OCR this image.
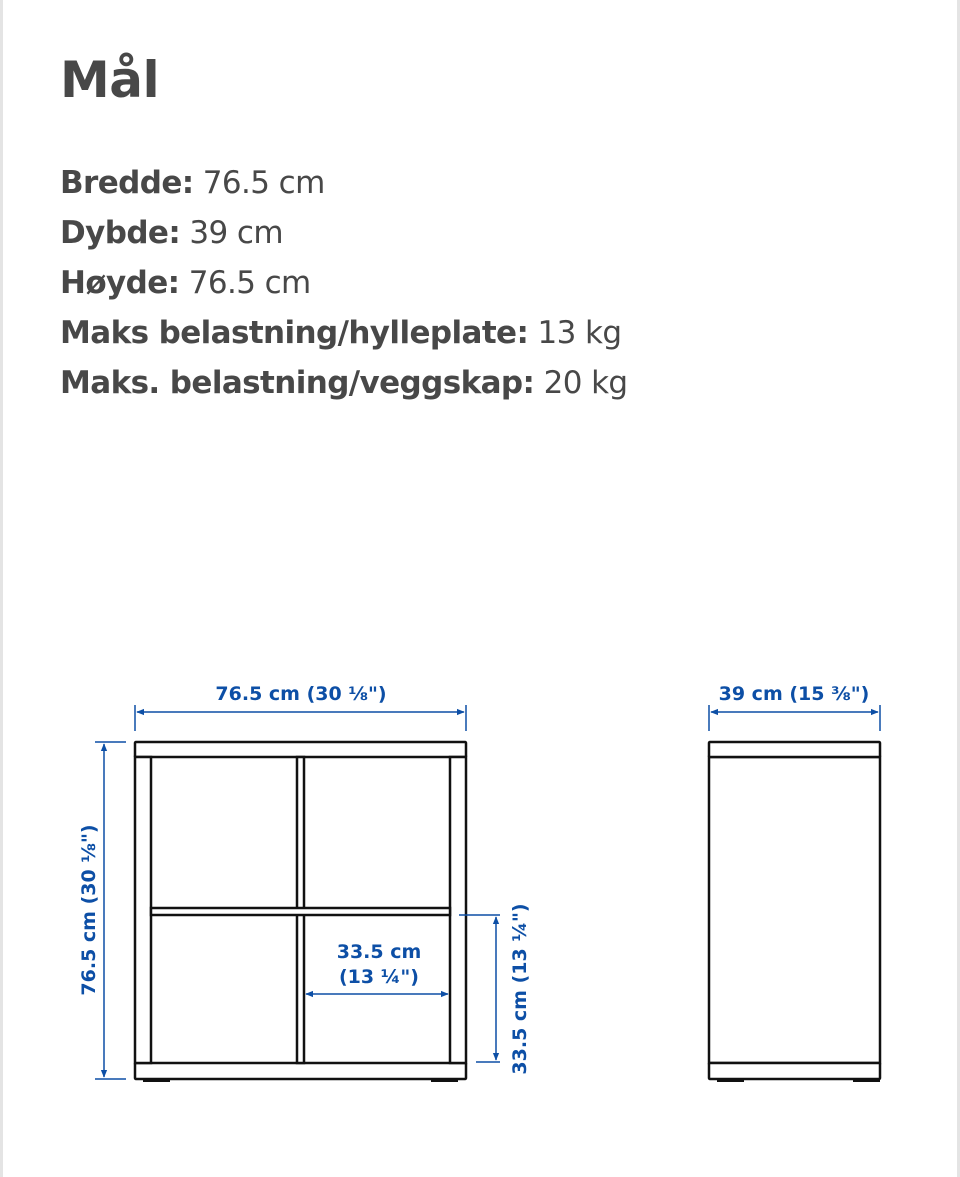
Mål
Bredde: 76.5 cm
Dybde: 39 cm
Høyde: 76.5 cm
Maks belastning/hylleplate: 13 kg
Maks. belastning/veggskap: 20 kg
76.5 cm (30 ⅛")
76.5 cm (30 ⅛")	33.5 cm
(13 ¼")	33.5 cm (13 ¼")
39 cm (15 ⅜")
